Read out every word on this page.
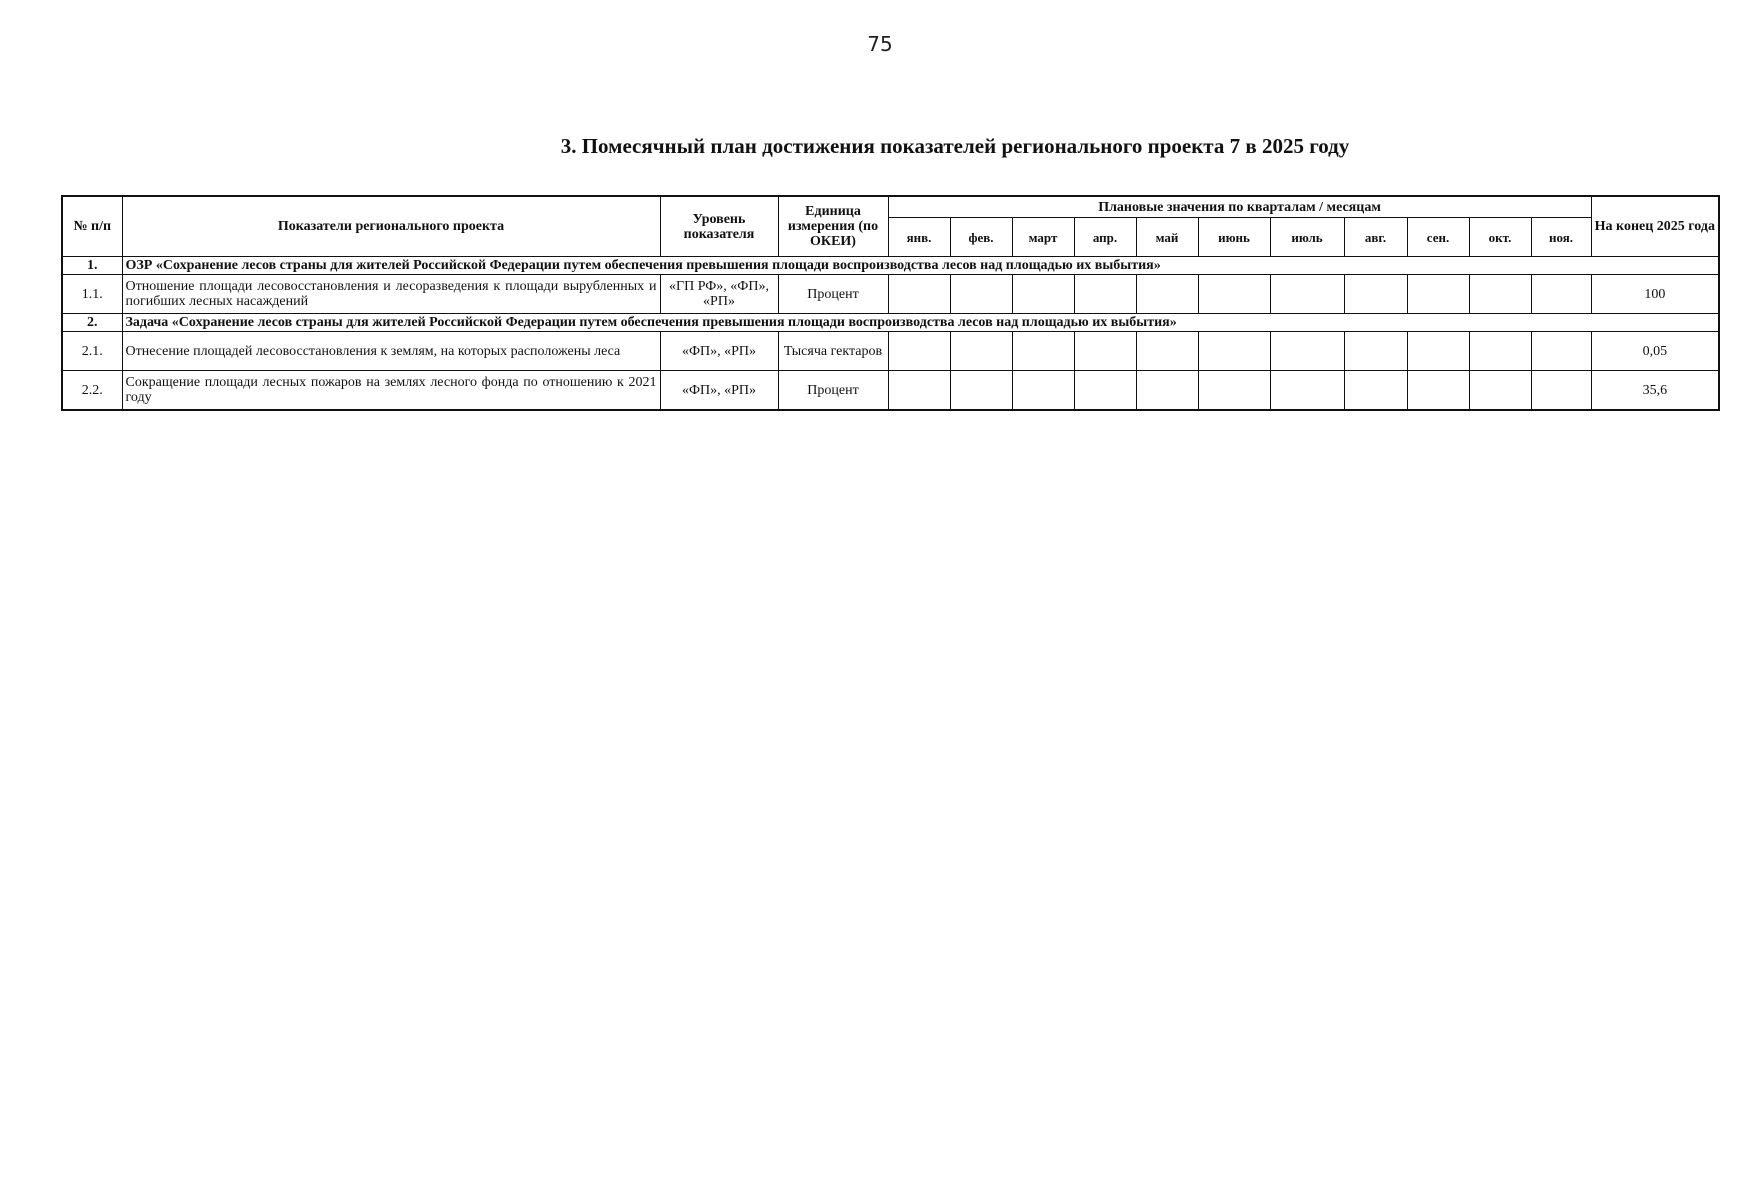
75
3. Помесячный план достижения показателей регионального проекта 7 в 2025 году
№ п/п	Показатели регионального проекта	Уровень показателя	Единица измерения (по ОКЕИ)	Плановые значения по кварталам / месяцам											На конец 2025 года
				янв.	фев.	март	апр.	май	июнь	июль	авг.	сен.	окт.	ноя.	
1.	ОЗР «Сохранение лесов страны для жителей Российской Федерации путем обеспечения превышения площади воспроизводства лесов над площадью их выбытия»														
1.1.	Отношение площади лесовосстановления и лесоразведения к площади вырубленных и погибших лесных насаждений	«ГП РФ», «ФП», «РП»	Процент												100
2.	Задача «Сохранение лесов страны для жителей Российской Федерации путем обеспечения превышения площади воспроизводства лесов над площадью их выбытия»														
2.1.	Отнесение площадей лесовосстановления к землям, на которых расположены леса	«ФП», «РП»	Тысяча гектаров												0,05
2.2.	Сокращение площади лесных пожаров на землях лесного фонда по отношению к 2021 году	«ФП», «РП»	Процент												35,6
